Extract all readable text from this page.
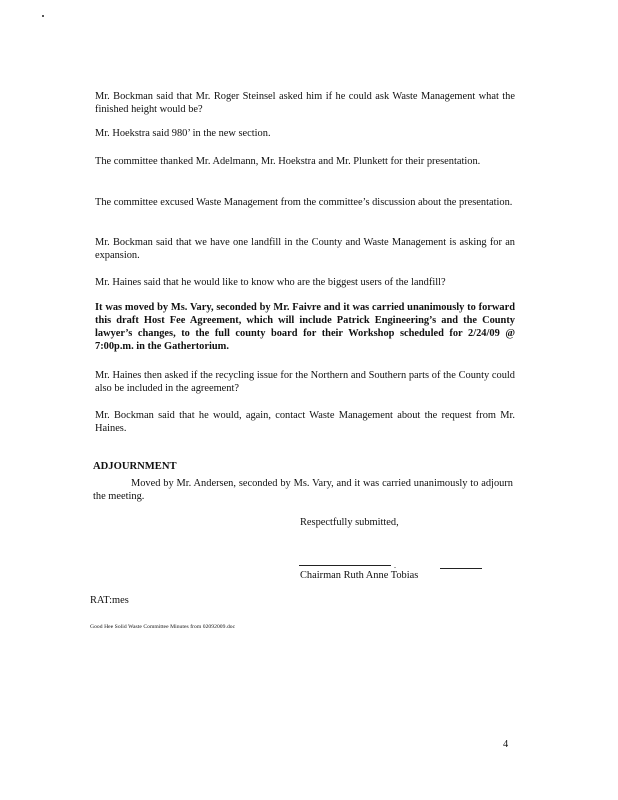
Mr. Bockman said that Mr. Roger Steinsel asked him if he could ask Waste Management what the finished height would be?

Mr. Hoekstra said 980’ in the new section.

The committee thanked Mr. Adelmann, Mr. Hoekstra and Mr. Plunkett for their presentation.

The committee excused Waste Management from the committee’s discussion about the presentation.

Mr. Bockman said that we have one landfill in the County and Waste Management is asking for an expansion.

Mr. Haines said that he would like to know who are the biggest users of the landfill?

It was moved by Ms. Vary, seconded by Mr. Faivre and it was carried unanimously to forward this draft Host Fee Agreement, which will include Patrick Engineering’s and the County lawyer’s changes, to the full county board for their Workshop scheduled for 2/24/09 @ 7:00p.m. in the Gathertorium.

Mr. Haines then asked if the recycling issue for the Northern and Southern parts of the County could also be included in the agreement?

Mr. Bockman said that he would, again, contact Waste Management about the request from Mr. Haines.

ADJOURNMENT

Moved by Mr. Andersen, seconded by Ms. Vary, and it was carried unanimously to adjourn the meeting.

Respectfully submitted,
.
Chairman Ruth Anne Tobias
RAT:mes
Good Hee Solid Waste Committee Minutes from 02092009.doc
4
